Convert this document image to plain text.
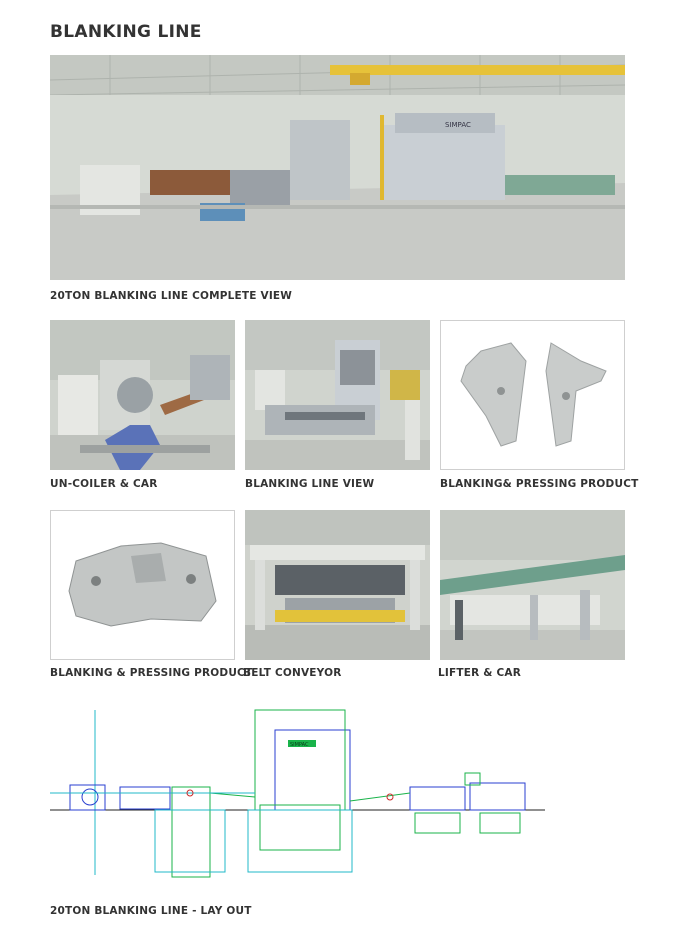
BLANKING LINE
SIMPAC
20TON BLANKING LINE COMPLETE VIEW
UN-COILER & CAR	BLANKING LINE VIEW	BLANKING& PRESSING PRODUCT
BLANKING & PRESSING PRODUCT
BELT CONVEYOR	LIFTER & CAR
SIMPAC
20TON BLANKING LINE - LAY OUT
